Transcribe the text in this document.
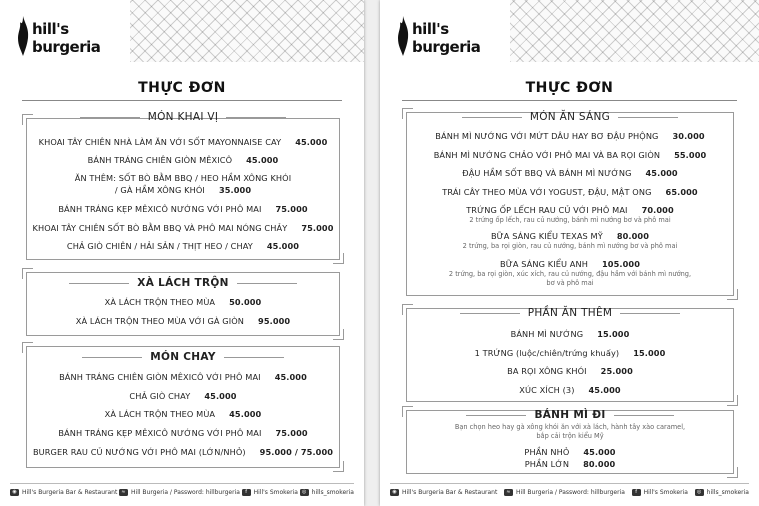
hill's
burgeria
THỰC ĐƠN
MÓN KHAI VỊ
KHOAI TÂY CHIÊN NHÀ LÀM ĂN VỚI SỐT MAYONNAISE CAY 45.000
BÁNH TRÁNG CHIÊN GIÒN MÊXICÔ 45.000
ĂN THÊM: SỐT BÒ BẰM BBQ / HEO HẦM XÔNG KHÓI
/ GÀ HẦM XÔNG KHÓI 35.000
BÁNH TRÁNG KẸP MÊXICÔ NƯỚNG VỚI PHÔ MAI 75.000
KHOAI TÂY CHIÊN SỐT BÒ BẰM BBQ VÀ PHÔ MAI NÓNG CHẢY 75.000
CHẢ GIÒ CHIÊN / HẢI SẢN / THỊT HEO / CHAY 45.000
XÀ LÁCH TRỘN
XÀ LÁCH TRỘN THEO MÙA 50.000
XÀ LÁCH TRỘN THEO MÙA VỚI GÀ GIÒN 95.000
MÓN CHAY
BÁNH TRÁNG CHIÊN GIÒN MÊXICÔ VỚI PHÔ MAI 45.000
CHẢ GIÒ CHAY 45.000
XÀ LÁCH TRỘN THEO MÙA 45.000
BÁNH TRÁNG KẸP MÊXICÔ NƯỚNG VỚI PHÔ MAI 75.000
BURGER RAU CỦ NƯỚNG VỚI PHÔ MAI (LỚN/NHỎ) 95.000 / 75.000
◉ Hill's Burgeria Bar & Restaurant ≈ Hill Burgeria / Password: hillburgeria	f	Hill's Smokeria ◎ hills_smokeria
hill's
burgeria
THỰC ĐƠN
MÓN ĂN SÁNG
BÁNH MÌ NƯỚNG VỚI MỨT DÂU HAY BƠ ĐẬU PHỘNG 30.000
BÁNH MÌ NƯỚNG CHẢO VỚI PHÔ MAI VÀ BA RỌI GIÒN 55.000
ĐẬU HẦM SỐT BBQ VÀ BÁNH MÌ NƯỚNG 45.000
TRÁI CÂY THEO MÙA VỚI YOGUST, ĐẬU, MẬT ONG 65.000
TRỨNG ỐP LẾCH RAU CỦ VỚI PHÔ MAI 70.000
2 trứng ốp lếch, rau củ nướng, bánh mì nướng bơ và phô mai
BỮA SÁNG KIỂU TEXAS MỸ 80.000
2 trứng, ba rọi giòn, rau củ nướng, bánh mì nướng bơ và phô mai
BỮA SÁNG KIỂU ANH 105.000
2 trứng, ba rọi giòn, xúc xích, rau củ nướng, đậu hầm với bánh mì nướng,
bơ và phô mai
PHẦN ĂN THÊM
BÁNH MÌ NƯỚNG 15.000
1 TRỨNG (luộc/chiên/trứng khuấy) 15.000
BA RỌI XÔNG KHÓI 25.000
XÚC XÍCH (3) 45.000
BÁNH MÌ ĐI
Bạn chọn heo hay gà xông khói ăn với xà lách, hành tây xào caramel,
bắp cải trộn kiểu Mỹ
PHẦN NHỎ 45.000
PHẦN LỚN 80.000
◉ Hill's Burgeria Bar & Restaurant	≈ Hill Burgeria / Password: hillburgeria	f	Hill's Smokeria	◎ hills_smokeria
